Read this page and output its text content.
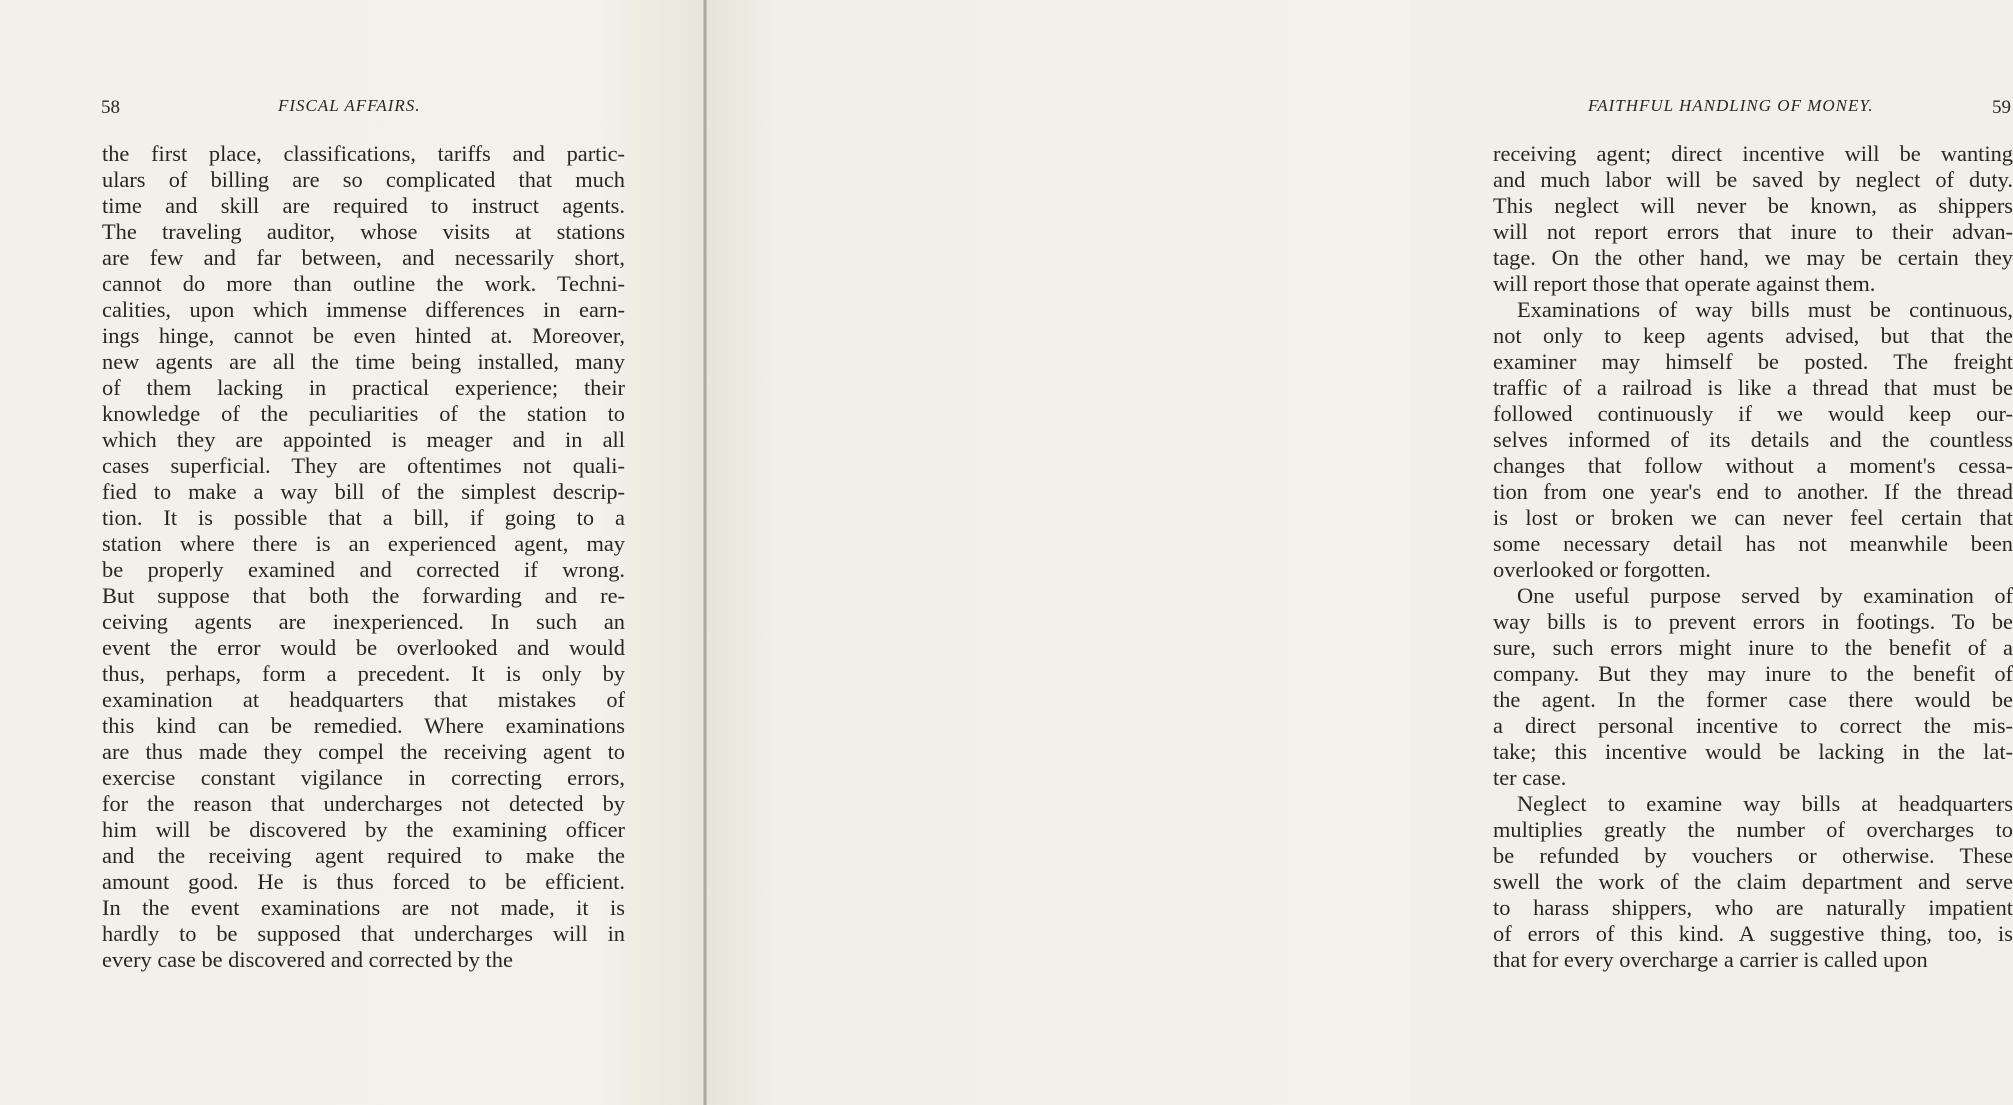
58	FISCAL AFFAIRS.
the first place, classifications, tariffs and partic-
ulars of billing are so complicated that much
time and skill are required to instruct agents.
The traveling auditor, whose visits at stations
are few and far between, and necessarily short,
cannot do more than outline the work. Techni-
calities, upon which immense differences in earn-
ings hinge, cannot be even hinted at. Moreover,
new agents are all the time being installed, many
of them lacking in practical experience; their
knowledge of the peculiarities of the station to
which they are appointed is meager and in all
cases superficial. They are oftentimes not quali-
fied to make a way bill of the simplest descrip-
tion. It is possible that a bill, if going to a
station where there is an experienced agent, may
be properly examined and corrected if wrong.
But suppose that both the forwarding and re-
ceiving agents are inexperienced. In such an
event the error would be overlooked and would
thus, perhaps, form a precedent. It is only by
examination at headquarters that mistakes of
this kind can be remedied. Where examinations
are thus made they compel the receiving agent to
exercise constant vigilance in correcting errors,
for the reason that undercharges not detected by
him will be discovered by the examining officer
and the receiving agent required to make the
amount good. He is thus forced to be efficient.
In the event examinations are not made, it is
hardly to be supposed that undercharges will in
every case be discovered and corrected by the
FAITHFUL HANDLING OF MONEY.	59
receiving agent; direct incentive will be wanting
and much labor will be saved by neglect of duty.
This neglect will never be known, as shippers
will not report errors that inure to their advan-
tage. On the other hand, we may be certain they
will report those that operate against them.
Examinations of way bills must be continuous,
not only to keep agents advised, but that the
examiner may himself be posted. The freight
traffic of a railroad is like a thread that must be
followed continuously if we would keep our-
selves informed of its details and the countless
changes that follow without a moment's cessa-
tion from one year's end to another. If the thread
is lost or broken we can never feel certain that
some necessary detail has not meanwhile been
overlooked or forgotten.
One useful purpose served by examination of
way bills is to prevent errors in footings. To be
sure, such errors might inure to the benefit of a
company. But they may inure to the benefit of
the agent. In the former case there would be
a direct personal incentive to correct the mis-
take; this incentive would be lacking in the lat-
ter case.
Neglect to examine way bills at headquarters
multiplies greatly the number of overcharges to
be refunded by vouchers or otherwise. These
swell the work of the claim department and serve
to harass shippers, who are naturally impatient
of errors of this kind. A suggestive thing, too, is
that for every overcharge a carrier is called upon
